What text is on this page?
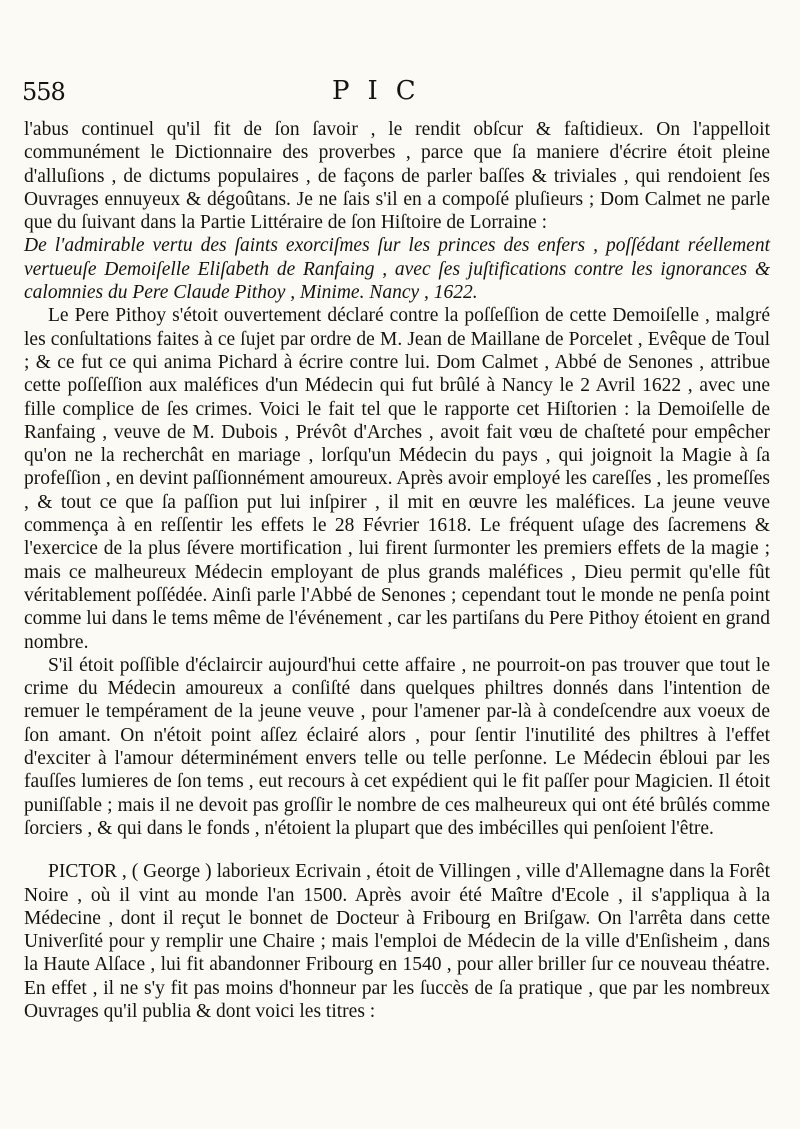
558	PIC

l'abus continuel qu'il fit de ſon ſavoir , le rendit obſcur & faſtidieux. On l'appelloit communément le Dictionnaire des proverbes , parce que ſa maniere d'écrire étoit pleine d'alluſions , de dictums populaires , de façons de parler baſſes & triviales , qui rendoient ſes Ouvrages ennuyeux & dégoûtans. Je ne ſais s'il en a compoſé pluſieurs ; Dom Calmet ne parle que du ſuivant dans la Partie Littéraire de ſon Hiſtoire de Lorraine :

De l'admirable vertu des ſaints exorciſmes ſur les princes des enfers , poſſédant réellement vertueuſe Demoiſelle Eliſabeth de Ranfaing , avec ſes juſtifications contre les ignorances & calomnies du Pere Claude Pithoy , Minime. Nancy , 1622.

Le Pere Pithoy s'étoit ouvertement déclaré contre la poſſeſſion de cette Demoiſelle , malgré les conſultations faites à ce ſujet par ordre de M. Jean de Maillane de Porcelet , Evêque de Toul ; & ce fut ce qui anima Pichard à écrire contre lui. Dom Calmet , Abbé de Senones , attribue cette poſſeſſion aux maléfices d'un Médecin qui fut brûlé à Nancy le 2 Avril 1622 , avec une fille complice de ſes crimes. Voici le fait tel que le rapporte cet Hiſtorien : la Demoiſelle de Ranfaing , veuve de M. Dubois , Prévôt d'Arches , avoit fait vœu de chaſteté pour empêcher qu'on ne la recherchât en mariage , lorſqu'un Médecin du pays , qui joignoit la Magie à ſa profeſſion , en devint paſſionnément amoureux. Après avoir employé les careſſes , les promeſſes , & tout ce que ſa paſſion put lui inſpirer , il mit en œuvre les maléfices. La jeune veuve commença à en reſſentir les effets le 28 Février 1618. Le fréquent uſage des ſacremens & l'exercice de la plus ſévere mortification , lui firent ſurmonter les premiers effets de la magie ; mais ce malheureux Médecin employant de plus grands maléfices , Dieu permit qu'elle fût véritablement poſſédée. Ainſi parle l'Abbé de Senones ; cependant tout le monde ne penſa point comme lui dans le tems même de l'événement , car les partiſans du Pere Pithoy étoient en grand nombre.

S'il étoit poſſible d'éclaircir aujourd'hui cette affaire , ne pourroit-on pas trouver que tout le crime du Médecin amoureux a conſiſté dans quelques philtres donnés dans l'intention de remuer le tempérament de la jeune veuve , pour l'amener par-là à condeſcendre aux voeux de ſon amant. On n'étoit point aſſez éclairé alors , pour ſentir l'inutilité des philtres à l'effet d'exciter à l'amour déterminément envers telle ou telle perſonne. Le Médecin ébloui par les fauſſes lumieres de ſon tems , eut recours à cet expédient qui le fit paſſer pour Magicien. Il étoit puniſſable ; mais il ne devoit pas groſſir le nombre de ces malheureux qui ont été brûlés comme ſorciers , & qui dans le fonds , n'étoient la plupart que des imbécilles qui penſoient l'être.

PICTOR , ( George ) laborieux Ecrivain , étoit de Villingen , ville d'Allemagne dans la Forêt Noire , où il vint au monde l'an 1500. Après avoir été Maître d'Ecole , il s'appliqua à la Médecine , dont il reçut le bonnet de Docteur à Fribourg en Briſgaw. On l'arrêta dans cette Univerſité pour y remplir une Chaire ; mais l'emploi de Médecin de la ville d'Enſisheim , dans la Haute Alſace , lui fit abandonner Fribourg en 1540 , pour aller briller ſur ce nouveau théatre. En effet , il ne s'y fit pas moins d'honneur par les ſuccès de ſa pratique , que par les nombreux Ouvrages qu'il publia & dont voici les titres :
